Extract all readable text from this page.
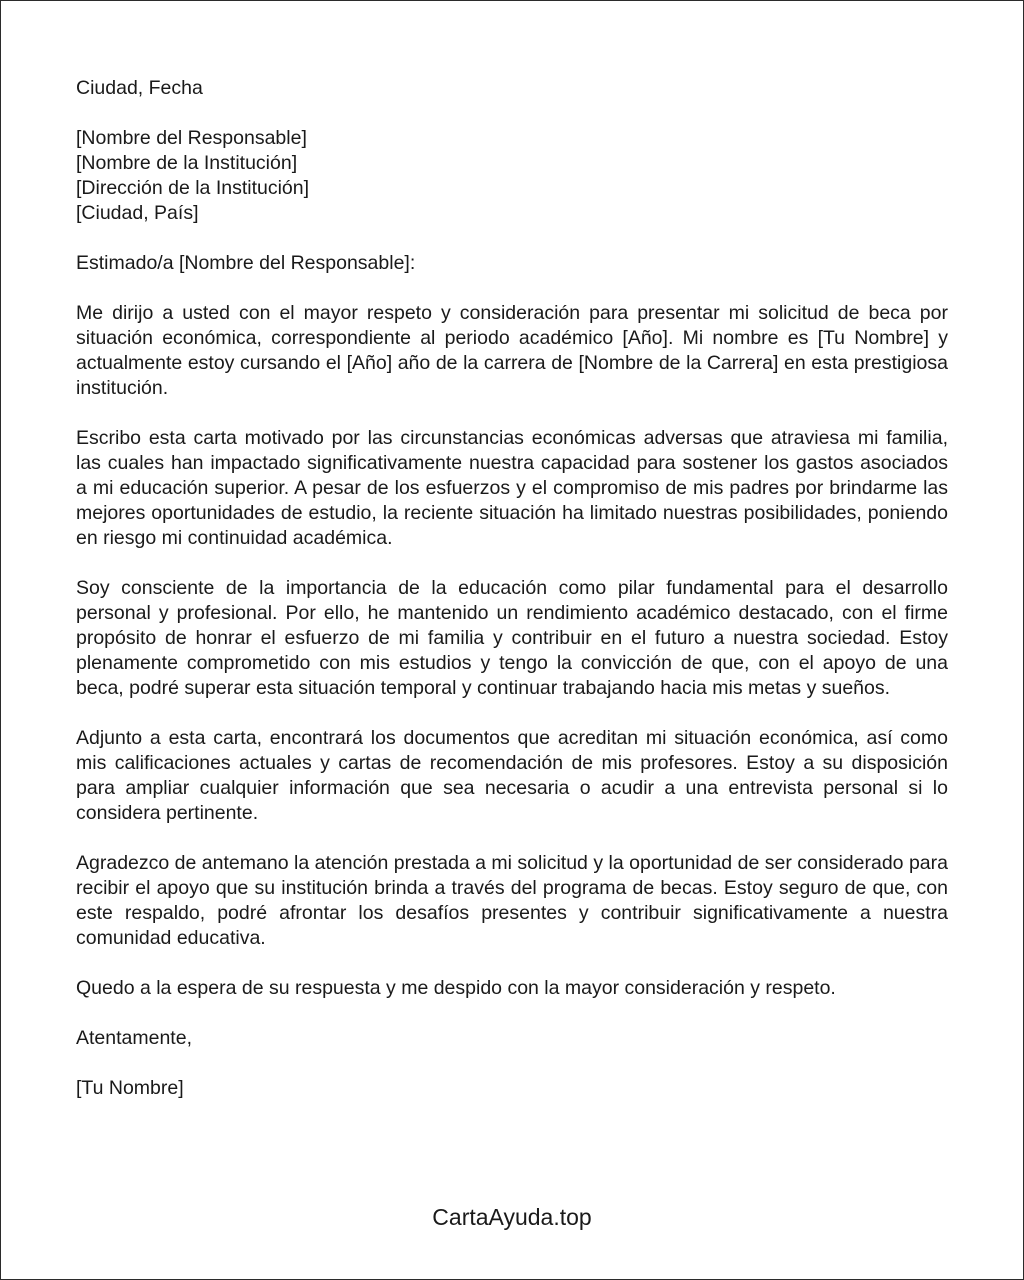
Ciudad, Fecha
[Nombre del Responsable]
[Nombre de la Institución]
[Dirección de la Institución]
[Ciudad, País]
Estimado/a [Nombre del Responsable]:

Me dirijo a usted con el mayor respeto y consideración para presentar mi solicitud de beca por situación económica, correspondiente al periodo académico [Año]. Mi nombre es [Tu Nombre] y actualmente estoy cursando el [Año] año de la carrera de [Nombre de la Carrera] en esta prestigiosa institución.

Escribo esta carta motivado por las circunstancias económicas adversas que atraviesa mi familia, las cuales han impactado significativamente nuestra capacidad para sostener los gastos asociados a mi educación superior. A pesar de los esfuerzos y el compromiso de mis padres por brindarme las mejores oportunidades de estudio, la reciente situación ha limitado nuestras posibilidades, poniendo en riesgo mi continuidad académica.

Soy consciente de la importancia de la educación como pilar fundamental para el desarrollo personal y profesional. Por ello, he mantenido un rendimiento académico destacado, con el firme propósito de honrar el esfuerzo de mi familia y contribuir en el futuro a nuestra sociedad. Estoy plenamente comprometido con mis estudios y tengo la convicción de que, con el apoyo de una beca, podré superar esta situación temporal y continuar trabajando hacia mis metas y sueños.

Adjunto a esta carta, encontrará los documentos que acreditan mi situación económica, así como mis calificaciones actuales y cartas de recomendación de mis profesores. Estoy a su disposición para ampliar cualquier información que sea necesaria o acudir a una entrevista personal si lo considera pertinente.

Agradezco de antemano la atención prestada a mi solicitud y la oportunidad de ser considerado para recibir el apoyo que su institución brinda a través del programa de becas. Estoy seguro de que, con este respaldo, podré afrontar los desafíos presentes y contribuir significativamente a nuestra comunidad educativa.

Quedo a la espera de su respuesta y me despido con la mayor consideración y respeto.

Atentamente,
[Tu Nombre]
CartaAyuda.top
